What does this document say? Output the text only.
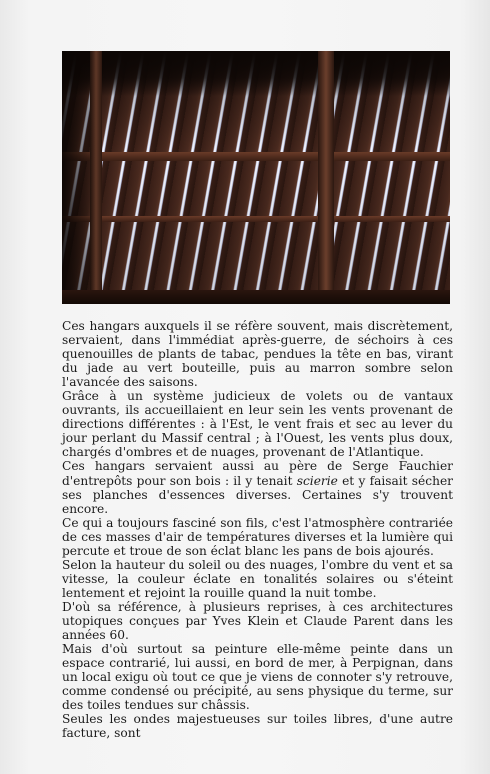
Ces hangars auxquels il se réfère souvent, mais discrètement, servaient, dans l'immédiat après-guerre, de séchoirs à ces quenouilles de plants de tabac, pendues la tête en bas, virant du jade au vert bouteille, puis au marron sombre selon l'avancée des saisons.

Grâce à un système judicieux de volets ou de vantaux ouvrants, ils accueillaient en leur sein les vents provenant de directions différentes : à l'Est, le vent frais et sec au lever du jour perlant du Massif central ; à l'Ouest, les vents plus doux, chargés d'ombres et de nuages, provenant de l'Atlantique.

Ces hangars servaient aussi au père de Serge Fauchier d'entrepôts pour son bois : il y tenait scierie et y faisait sécher ses planches d'essences diverses. Certaines s'y trouvent encore.

Ce qui a toujours fasciné son fils, c'est l'atmosphère contrariée de ces masses d'air de températures diverses et la lumière qui percute et troue de son éclat blanc les pans de bois ajourés.

Selon la hauteur du soleil ou des nuages, l'ombre du vent et sa vitesse, la couleur éclate en tonalités solaires ou s'éteint lentement et rejoint la rouille quand la nuit tombe.

D'où sa référence, à plusieurs reprises, à ces architectures utopiques conçues par Yves Klein et Claude Parent dans les années 60.

Mais d'où surtout sa peinture elle-même peinte dans un espace contrarié, lui aussi, en bord de mer, à Perpignan, dans un local exigu où tout ce que je viens de connoter s'y retrouve, comme condensé ou précipité, au sens physique du terme, sur des toiles tendues sur châssis.

Seules les ondes majestueuses sur toiles libres, d'une autre facture, sont
